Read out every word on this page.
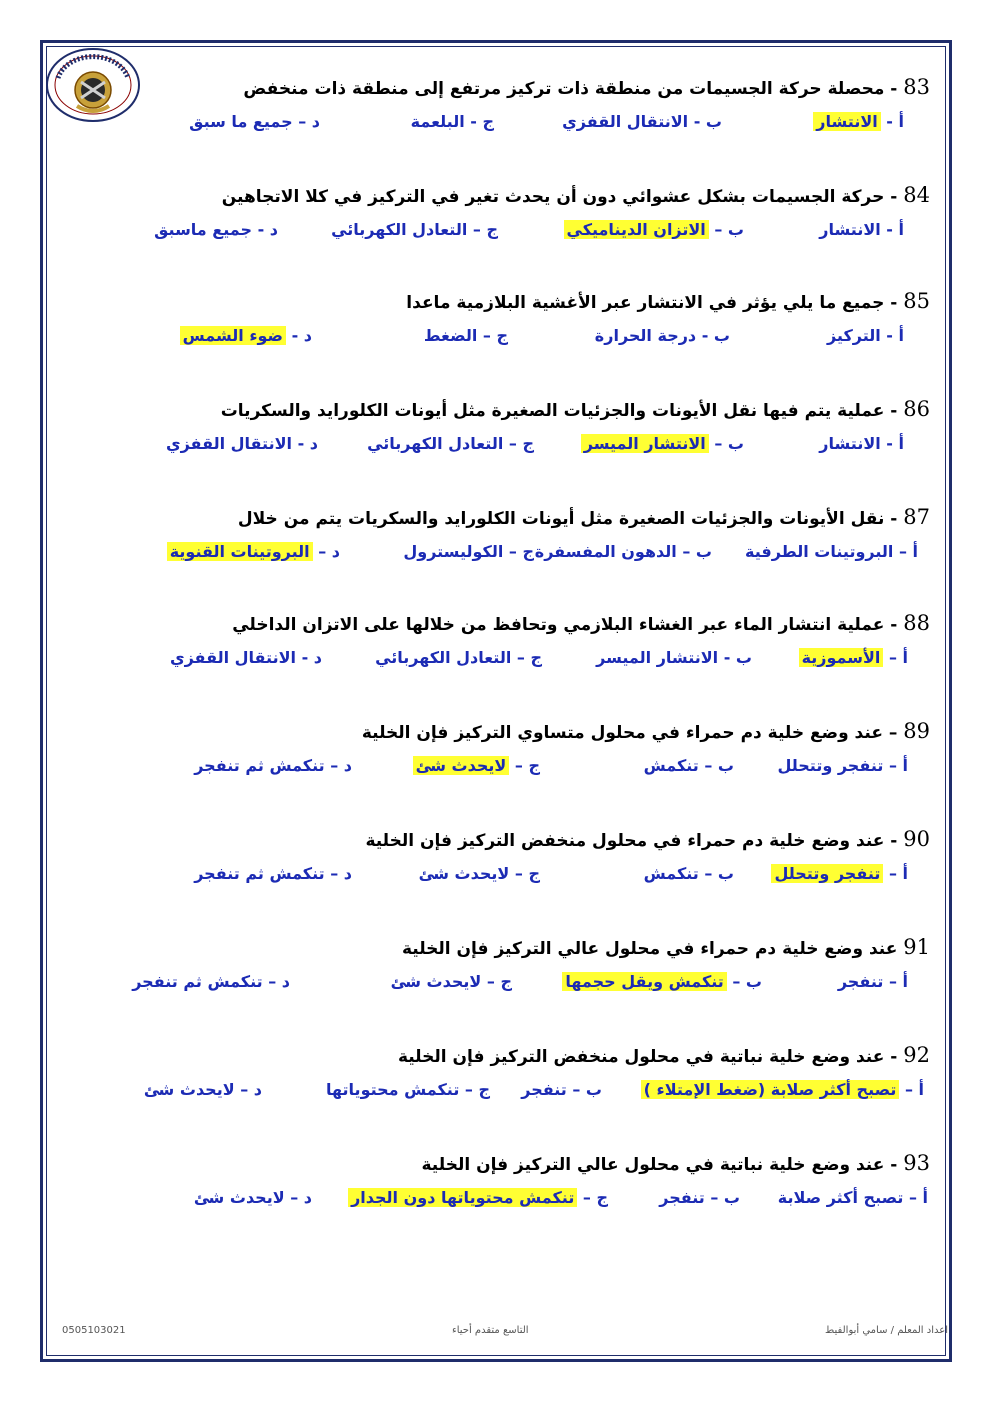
83 - محصلة حركة الجسيمات من منطقة ذات تركيز مرتفع إلى منطقة ذات منخفض
أ - الانتشار
ب - الانتقال القفزي
ج - البلعمة
د – جميع ما سبق
84 - حركة الجسيمات بشكل عشوائي دون أن يحدث تغير في التركيز في كلا الاتجاهين
أ - الانتشار
ب – الاتزان الديناميكي
ج – التعادل الكهربائي
د - جميع ماسبق
85 - جميع ما يلي يؤثر في الانتشار عبر الأغشية البلازمية ماعدا
أ - التركيز
ب - درجة الحرارة
ج – الضغط
د - ضوء الشمس
86 - عملية يتم فيها نقل الأيونات والجزئيات الصغيرة مثل أيونات الكلورايد والسكريات
أ - الانتشار
ب – الانتشار الميسر
ج – التعادل الكهربائي
د - الانتقال القفزي
87 - نقل الأيونات والجزئيات الصغيرة مثل أيونات الكلورايد والسكريات يتم من خلال
أ – البروتينات الطرفية
ب – الدهون المفسفرة
ج – الكوليسترول
د – البروتينات القنوية
88 - عملية انتشار الماء عبر الغشاء البلازمي وتحافظ من خلالها على الاتزان الداخلي
أ – الأسموزية
ب - الانتشار الميسر
ج – التعادل الكهربائي
د - الانتقال القفزي
89 – عند وضع خلية دم حمراء في محلول متساوي التركيز فإن الخلية
أ – تنفجر وتتحلل
ب – تنكمش
ج – لايحدث شئ
د – تنكمش ثم تنفجر
90 - عند وضع خلية دم حمراء في محلول منخفض التركيز فإن الخلية
أ – تنفجر وتتحلل
ب – تنكمش
ج – لايحدث شئ
د – تنكمش ثم تنفجر
91 عند وضع خلية دم حمراء في محلول عالي التركيز فإن الخلية
أ – تنفجر
ب – تنكمش ويقل حجمها
ج – لايحدث شئ
د – تنكمش ثم تنفجر
92 - عند وضع خلية نباتية في محلول منخفض التركيز فإن الخلية
أ – تصبح أكثر صلابة (ضغط الإمتلاء )
ب – تنفجر
ج – تنكمش محتوياتها
د – لايحدث شئ
93 - عند وضع خلية نباتية في محلول عالي التركيز فإن الخلية
أ – تصبح أكثر صلابة
ب – تنفجر
ج – تنكمش محتوياتها دون الجدار
د – لايحدث شئ
اعداد المعلم / سامي أبوالفيط
التاسع متقدم أحياء
0505103021
